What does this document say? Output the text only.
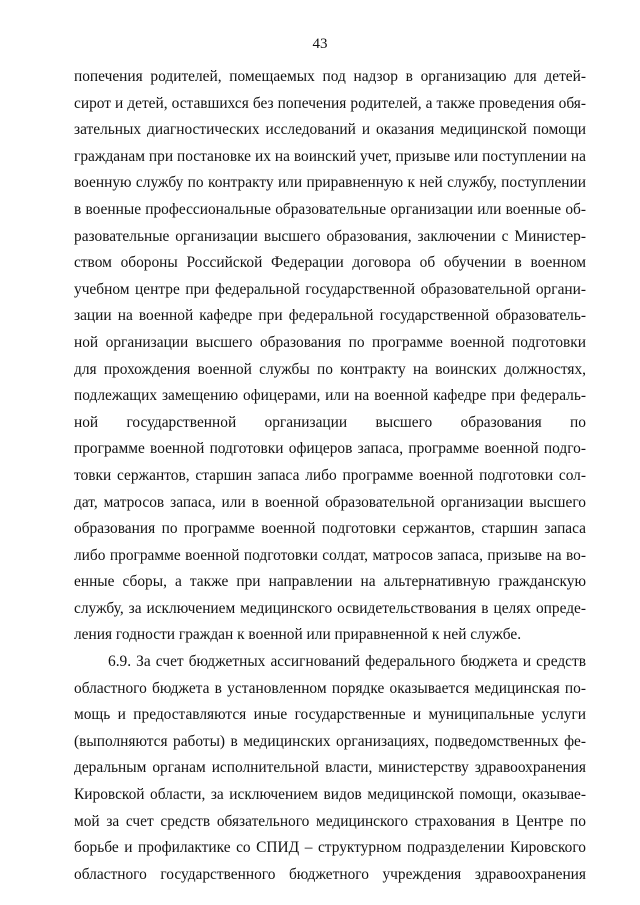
43
попечения родителей, помещаемых под надзор в организацию для детей-
сирот и детей, оставшихся без попечения родителей, а также проведения обя-
зательных диагностических исследований и оказания медицинской помощи
гражданам при постановке их на воинский учет, призыве или поступлении на
военную службу по контракту или приравненную к ней службу, поступлении
в военные профессиональные образовательные организации или военные об-
разовательные организации высшего образования, заключении с Министер-
ством обороны Российской Федерации договора об обучении в военном
учебном центре при федеральной государственной образовательной органи-
зации на военной кафедре при федеральной государственной образователь-
ной организации высшего образования по программе военной подготовки
для прохождения военной службы по контракту на воинских должностях,
подлежащих замещению офицерами, или на военной кафедре при федераль-
ной государственной организации высшего образования по
программе военной подготовки офицеров запаса, программе военной подго-
товки сержантов, старшин запаса либо программе военной подготовки сол-
дат, матросов запаса, или в военной образовательной организации высшего
образования по программе военной подготовки сержантов, старшин запаса
либо программе военной подготовки солдат, матросов запаса, призыве на во-
енные сборы, а также при направлении на альтернативную гражданскую
службу, за исключением медицинского освидетельствования в целях опреде-
ления годности граждан к военной или приравненной к ней службе.
6.9. За счет бюджетных ассигнований федерального бюджета и средств
областного бюджета в установленном порядке оказывается медицинская по-
мощь и предоставляются иные государственные и муниципальные услуги
(выполняются работы) в медицинских организациях, подведомственных фе-
деральным органам исполнительной власти, министерству здравоохранения
Кировской области, за исключением видов медицинской помощи, оказывае-
мой за счет средств обязательного медицинского страхования в Центре по
борьбе и профилактике со СПИД – структурном подразделении Кировского
областного государственного бюджетного учреждения здравоохранения
